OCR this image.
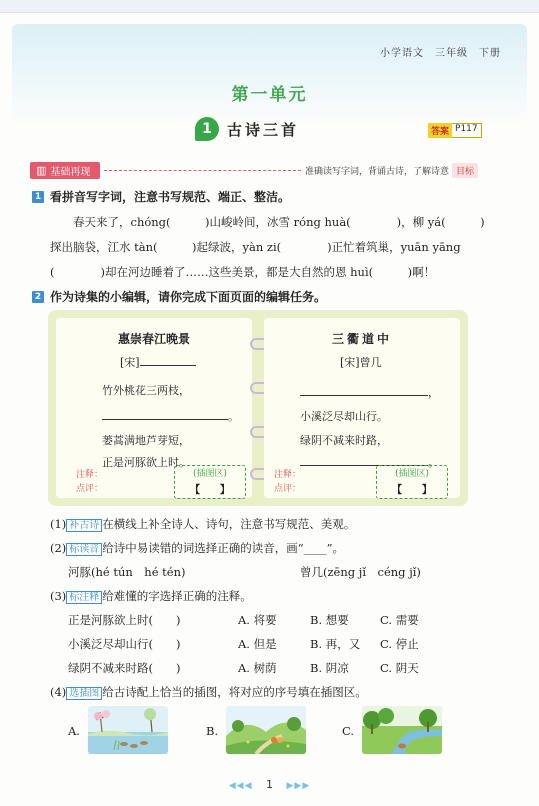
小学语文　三年级　下册
第一单元
1	古诗三首	答案 P117
▥ 基础再现	准确读写字词，背诵古诗，了解诗意 目标
1 看拼音写字词，注意书写规范、端正、整洁。
　　春天来了，chóng(　　　)山峻岭间，冰雪 róng huà(　　　　)，柳 yá(　　　)
探出脑袋，江水 tàn(　　　)起绿波，yàn zi(　　　　)正忙着筑巢，yuān yāng
(　　　　)却在河边睡着了……这些美景，都是大自然的恩 huì(　　　)啊！
2 作为诗集的小编辑，请你完成下面页面的编辑任务。
惠崇春江晚景
[宋]
竹外桃花三两枝，
。
蒌蒿满地芦芽短，
正是河豚欲上时。
注释：
点评：
(插图区)
【　　】
三衢道中
[宋]曾几
，
小溪泛尽却山行。
绿阴不减来时路，
。
注释：
点评：
(插图区)
【　　】
(1) 补古诗 在横线上补全诗人、诗句，注意书写规范、美观。
(2) 标读音 给诗中易读错的词选择正确的读音，画“____”。
河豚(hé tún　hé tén)	曾几(zēng jǐ　céng jǐ)
(3) 标注释 给难懂的字选择正确的注释。
正是河豚欲上时(　　)	A. 将要	B. 想要	C. 需要
小溪泛尽却山行(　　)	A. 但是	B. 再，又 C. 停止
绿阴不减来时路(　　)	A. 树荫	B. 阴凉	C. 阴天
(4) 选插图 给古诗配上恰当的插图，将对应的序号填在插图区。
A.	B.	C.
◀◀◀ 1 ▶▶▶
